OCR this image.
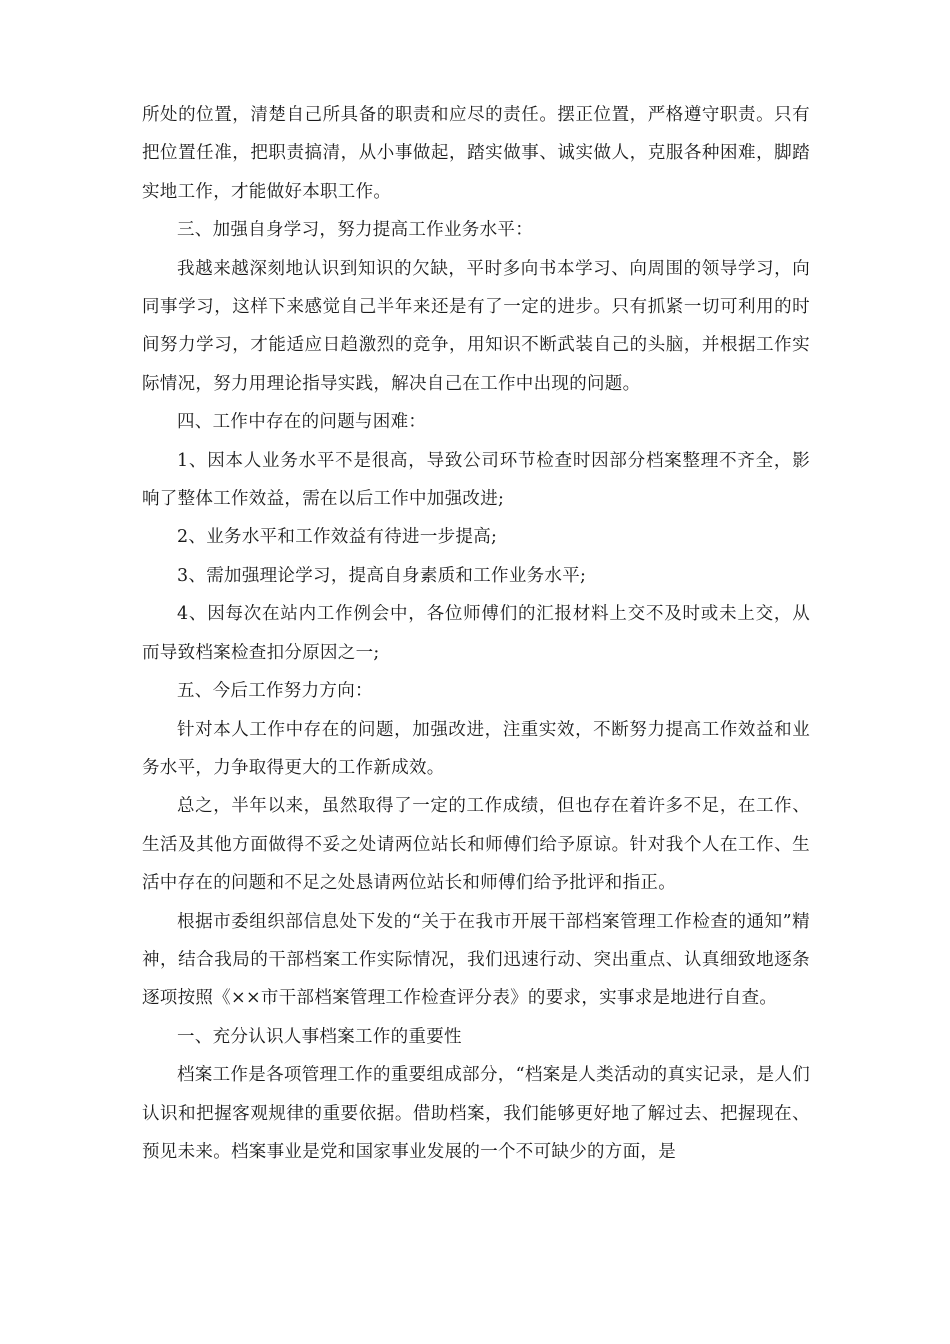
所处的位置，清楚自己所具备的职责和应尽的责任。摆正位置，严格遵守职责。只有把位置任准，把职责搞清，从小事做起，踏实做事、诚实做人，克服各种困难，脚踏实地工作，才能做好本职工作。

三、加强自身学习，努力提高工作业务水平：

我越来越深刻地认识到知识的欠缺，平时多向书本学习、向周围的领导学习，向同事学习，这样下来感觉自己半年来还是有了一定的进步。只有抓紧一切可利用的时间努力学习，才能适应日趋激烈的竞争，用知识不断武装自己的头脑，并根据工作实际情况，努力用理论指导实践，解决自己在工作中出现的问题。

四、工作中存在的问题与困难：

1、因本人业务水平不是很高，导致公司环节检查时因部分档案整理不齐全，影响了整体工作效益，需在以后工作中加强改进;

2、业务水平和工作效益有待进一步提高;

3、需加强理论学习，提高自身素质和工作业务水平;

4、因每次在站内工作例会中，各位师傅们的汇报材料上交不及时或未上交，从而导致档案检查扣分原因之一;

五、今后工作努力方向：

针对本人工作中存在的问题，加强改进，注重实效，不断努力提高工作效益和业务水平，力争取得更大的工作新成效。

总之，半年以来，虽然取得了一定的工作成绩，但也存在着许多不足，在工作、生活及其他方面做得不妥之处请两位站长和师傅们给予原谅。针对我个人在工作、生活中存在的问题和不足之处恳请两位站长和师傅们给予批评和指正。

根据市委组织部信息处下发的“关于在我市开展干部档案管理工作检查的通知”精神，结合我局的干部档案工作实际情况，我们迅速行动、突出重点、认真细致地逐条逐项按照《××市干部档案管理工作检查评分表》的要求，实事求是地进行自查。

一、充分认识人事档案工作的重要性

档案工作是各项管理工作的重要组成部分，“档案是人类活动的真实记录，是人们认识和把握客观规律的重要依据。借助档案，我们能够更好地了解过去、把握现在、预见未来。档案事业是党和国家事业发展的一个不可缺少的方面，是
